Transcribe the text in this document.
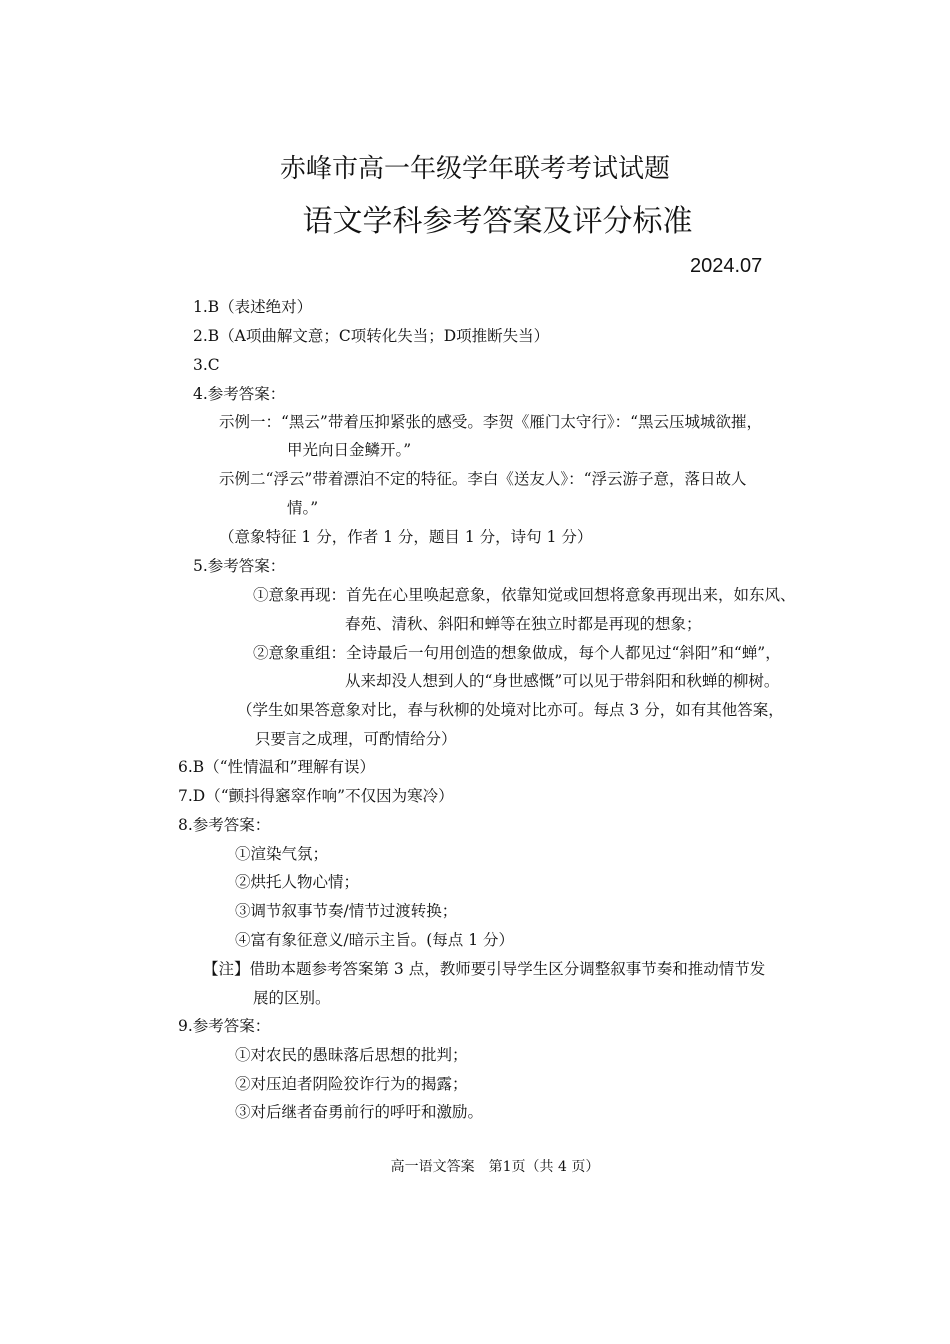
赤峰市高一年级学年联考考试试题
语文学科参考答案及评分标准
2024.07
1.B（表述绝对）
2.B（A项曲解文意；C项转化失当；D项推断失当）
3.C
4.参考答案：
示例一：“黑云”带着压抑紧张的感受。李贺《雁门太守行》：“黑云压城城欲摧，
甲光向日金鳞开。”
示例二“浮云”带着漂泊不定的特征。李白《送友人》：“浮云游子意，落日故人
情。”
（意象特征 1 分，作者 1 分，题目 1 分，诗句 1 分）
5.参考答案：
①意象再现：首先在心里唤起意象，依靠知觉或回想将意象再现出来，如东风、
春苑、清秋、斜阳和蝉等在独立时都是再现的想象；
②意象重组：全诗最后一句用创造的想象做成，每个人都见过“斜阳”和“蝉”，
从来却没人想到人的“身世感慨”可以见于带斜阳和秋蝉的柳树。
（学生如果答意象对比，春与秋柳的处境对比亦可。每点 3 分，如有其他答案，
只要言之成理，可酌情给分）
6.B（“性情温和”理解有误）
7.D（“颤抖得窸窣作响”不仅因为寒冷）
8.参考答案：
①渲染气氛；
②烘托人物心情；
③调节叙事节奏/情节过渡转换；
④富有象征意义/暗示主旨。(每点 1 分）
【注】借助本题参考答案第 3 点，教师要引导学生区分调整叙事节奏和推动情节发
展的区别。
9.参考答案：
①对农民的愚昧落后思想的批判；
②对压迫者阴险狡诈行为的揭露；
③对后继者奋勇前行的呼吁和激励。
高一语文答案　第1页（共 4 页）
